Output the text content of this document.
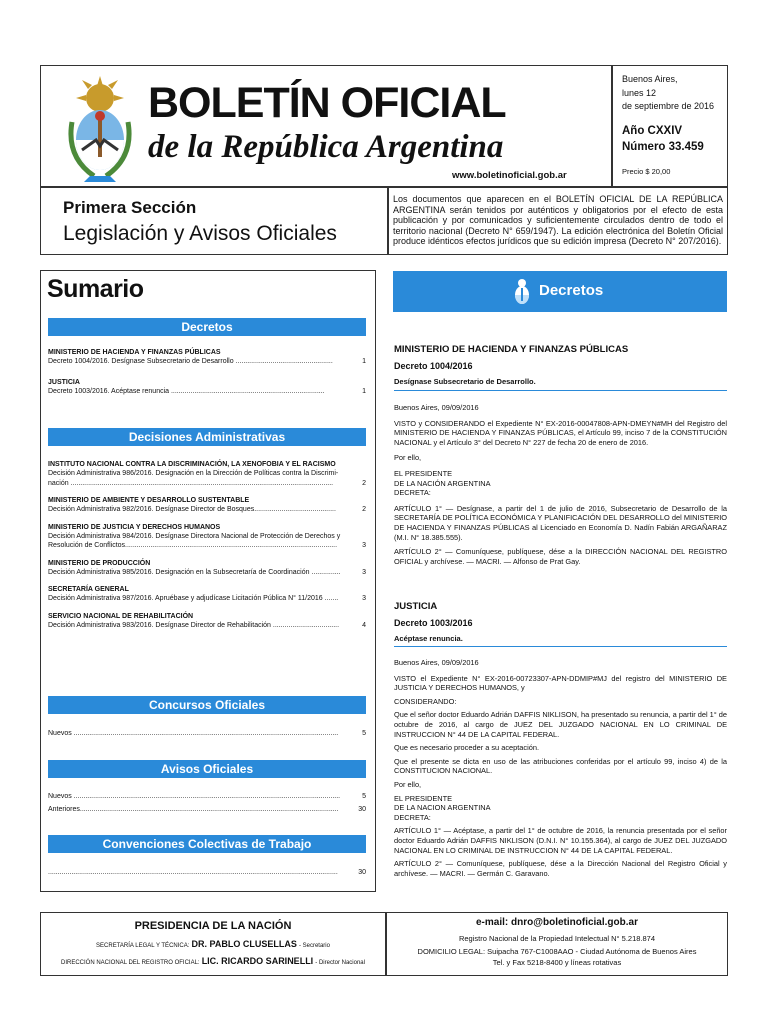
BOLETÍN OFICIAL
de la República Argentina
www.boletinoficial.gob.ar
Buenos Aires,
lunes 12
de septiembre de 2016
Año CXXIV
Número 33.459
Precio $ 20,00
Primera Sección
Legislación y Avisos Oficiales
Los documentos que aparecen en el BOLETÍN OFICIAL DE LA REPÚBLICA ARGENTINA serán tenidos por auténticos y obligatorios por el efecto de esta publicación y por comunicados y suficientemente circulados dentro de todo el territorio nacional (Decreto N° 659/1947). La edición electrónica del Boletín Oficial produce idénticos efectos jurídicos que su edición impresa (Decreto N° 207/2016).
Sumario
Decretos
MINISTERIO DE HACIENDA Y FINANZAS PÚBLICAS
Decreto 1004/2016. Desígnase Subsecretario de Desarrollo ..................................................	1
JUSTICIA
Decreto 1003/2016. Acéptase renuncia ...............................................................................	1
Decisiones Administrativas
INSTITUTO NACIONAL CONTRA LA DISCRIMINACIÓN, LA XENOFOBIA Y EL RACISMO
Decisión Administrativa 986/2016. Designación en la Dirección de Políticas contra la Discrimi-
nación .......................................................................................................................................	2
MINISTERIO DE AMBIENTE Y DESARROLLO SUSTENTABLE
Decisión Administrativa 982/2016. Desígnase Director de Bosques..........................................	2
MINISTERIO DE JUSTICIA Y DERECHOS HUMANOS
Decisión Administrativa 984/2016. Desígnase Directora Nacional de Protección de Derechos y
Resolución de Conflictos.............................................................................................................	3
MINISTERIO DE PRODUCCIÓN
Decisión Administrativa 985/2016. Designación en la Subsecretaría de Coordinación ...............	3
SECRETARÍA GENERAL
Decisión Administrativa 987/2016. Apruébase y adjudícase Licitación Pública N° 11/2016 .......	3
SERVICIO NACIONAL DE REHABILITACIÓN
Decisión Administrativa 983/2016. Desígnase Director de Rehabilitación ..................................	4
Concursos Oficiales
Nuevos ........................................................................................................................................	5
Avisos Oficiales
Nuevos .........................................................................................................................................	5
Anteriores.....................................................................................................................................	30
Convenciones Colectivas de Trabajo
.....................................................................................................................................................	30
Decretos
MINISTERIO DE HACIENDA Y FINANZAS PÚBLICAS
Decreto 1004/2016
Desígnase Subsecretario de Desarrollo.
Buenos Aires, 09/09/2016
VISTO y CONSIDERANDO el Expediente N° EX-2016-00047808-APN-DMEYN#MH del Registro del MINISTERIO DE HACIENDA Y FINANZAS PÚBLICAS, el Artículo 99, inciso 7 de la CONSTITUCIÓN NACIONAL y el Artículo 3° del Decreto N° 227 de fecha 20 de enero de 2016.
Por ello,
EL PRESIDENTE
DE LA NACIÓN ARGENTINA
DECRETA:
ARTÍCULO 1° — Desígnase, a partir del 1 de julio de 2016, Subsecretario de Desarrollo de la SECRETARÍA DE POLÍTICA ECONÓMICA Y PLANIFICACIÓN DEL DESARROLLO del MINISTERIO DE HACIENDA Y FINANZAS PÚBLICAS al Licenciado en Economía D. Nadín Fabián ARGAÑARAZ (M.I. N° 18.385.555).
ARTÍCULO 2° — Comuníquese, publíquese, dése a la DIRECCIÓN NACIONAL DEL REGISTRO OFICIAL y archívese. — MACRI. — Alfonso de Prat Gay.
JUSTICIA
Decreto 1003/2016
Acéptase renuncia.
Buenos Aires, 09/09/2016
VISTO el Expediente N° EX-2016-00723307-APN-DDMIP#MJ del registro del MINISTERIO DE JUSTICIA Y DERECHOS HUMANOS, y
CONSIDERANDO:
Que el señor doctor Eduardo Adrián DAFFIS NIKLISON, ha presentado su renuncia, a partir del 1° de octubre de 2016, al cargo de JUEZ DEL JUZGADO NACIONAL EN LO CRIMINAL DE INSTRUCCION N° 44 DE LA CAPITAL FEDERAL.
Que es necesario proceder a su aceptación.
Que el presente se dicta en uso de las atribuciones conferidas por el artículo 99, inciso 4) de la CONSTITUCION NACIONAL.
Por ello,
EL PRESIDENTE
DE LA NACION ARGENTINA
DECRETA:
ARTÍCULO 1° — Acéptase, a partir del 1° de octubre de 2016, la renuncia presentada por el señor doctor Eduardo Adrián DAFFIS NIKLISON (D.N.I. N° 10.155.364), al cargo de JUEZ DEL JUZGADO NACIONAL EN LO CRIMINAL DE INSTRUCCION N° 44 DE LA CAPITAL FEDERAL.
ARTÍCULO 2° — Comuníquese, publíquese, dése a la Dirección Nacional del Registro Oficial y archívese. — MACRI. — Germán C. Garavano.
PRESIDENCIA DE LA NACIÓN
SECRETARÍA LEGAL Y TÉCNICA: DR. PABLO CLUSELLAS - Secretario
DIRECCIÓN NACIONAL DEL REGISTRO OFICIAL: LIC. RICARDO SARINELLI - Director Nacional
e-mail: dnro@boletinoficial.gob.ar
Registro Nacional de la Propiedad Intelectual N° 5.218.874
DOMICILIO LEGAL: Suipacha 767-C1008AAO - Ciudad Autónoma de Buenos Aires
Tel. y Fax 5218-8400 y líneas rotativas
